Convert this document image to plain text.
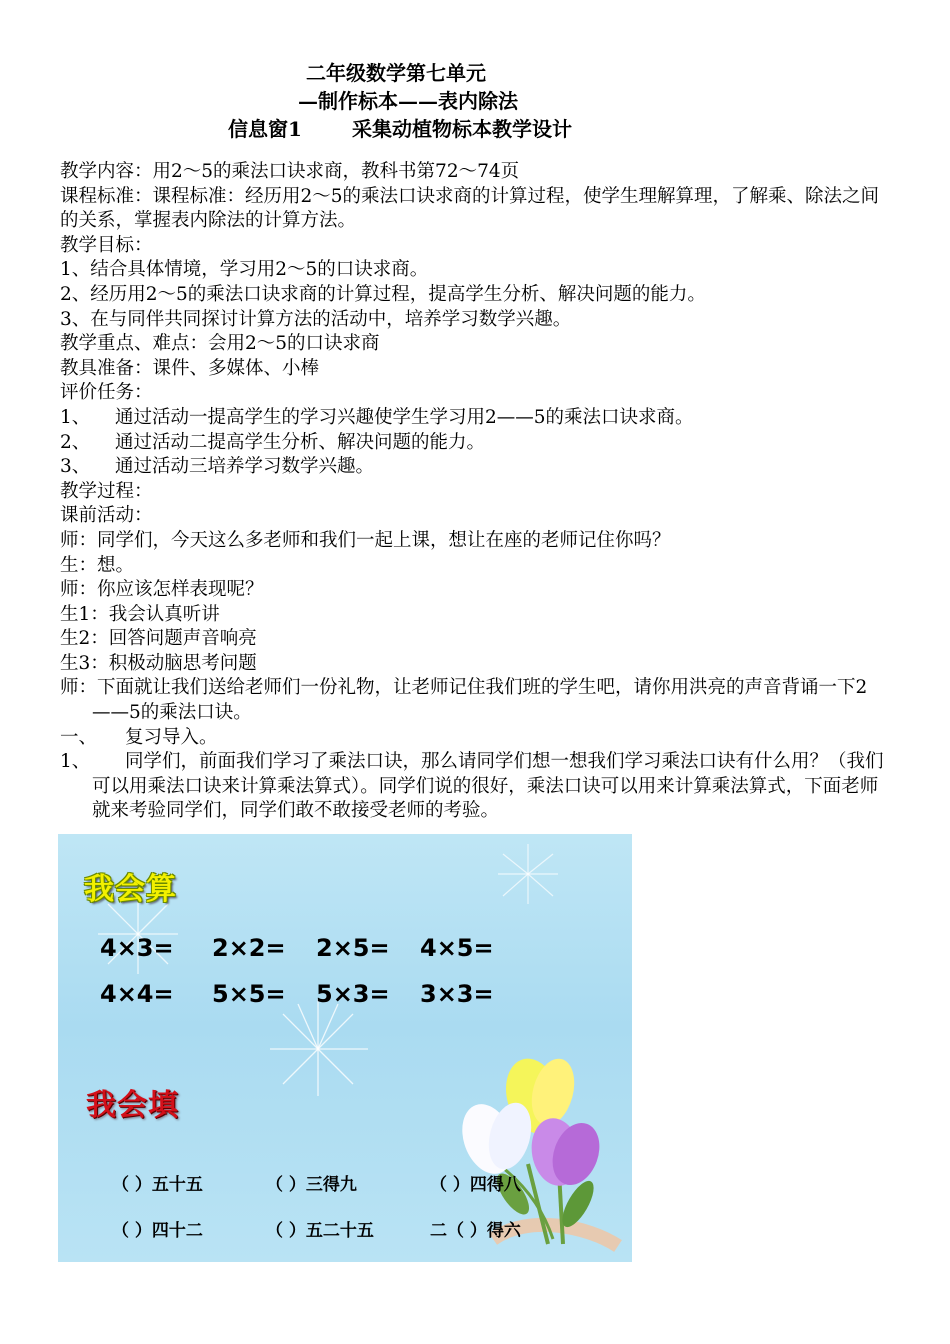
二年级数学第七单元
—制作标本——表内除法
信息窗1	采集动植物标本教学设计

教学内容：用2～5的乘法口诀求商，教科书第72～74页

课程标准：课程标准：经历用2～5的乘法口诀求商的计算过程，使学生理解算理，了解乘、除法之间的关系，掌握表内除法的计算方法。

教学目标：

1、结合具体情境，学习用2～5的口诀求商。

2、经历用2～5的乘法口诀求商的计算过程，提高学生分析、解决问题的能力。

3、在与同伴共同探讨计算方法的活动中，培养学习数学兴趣。

教学重点、难点：会用2～5的口诀求商

教具准备：课件、多媒体、小棒

评价任务：

1、 通过活动一提高学生的学习兴趣使学生学习用2——5的乘法口诀求商。

2、 通过活动二提高学生分析、解决问题的能力。

3、 通过活动三培养学习数学兴趣。

教学过程：

课前活动：

师：同学们，今天这么多老师和我们一起上课，想让在座的老师记住你吗？

生：想。

师：你应该怎样表现呢？

生1：我会认真听讲

生2：回答问题声音响亮

生3：积极动脑思考问题

师：下面就让我们送给老师们一份礼物，让老师记住我们班的学生吧，请你用洪亮的声音背诵一下2——5的乘法口诀。

一、 复习导入。

1、 同学们，前面我们学习了乘法口诀，那么请同学们想一想我们学习乘法口诀有什么用？（我们可以用乘法口诀来计算乘法算式）。同学们说的很好，乘法口诀可以用来计算乘法算式，下面老师就来考验同学们，同学们敢不敢接受老师的考验。

我会算
4×3= 2×2= 2×5= 4×5=
4×4= 5×5= 5×3= 3×3=
我会填
（ ）五十五	（ ）三得九	（ ）四得八
（ ）四十二	（ ）五二十五	二（ ）得六
